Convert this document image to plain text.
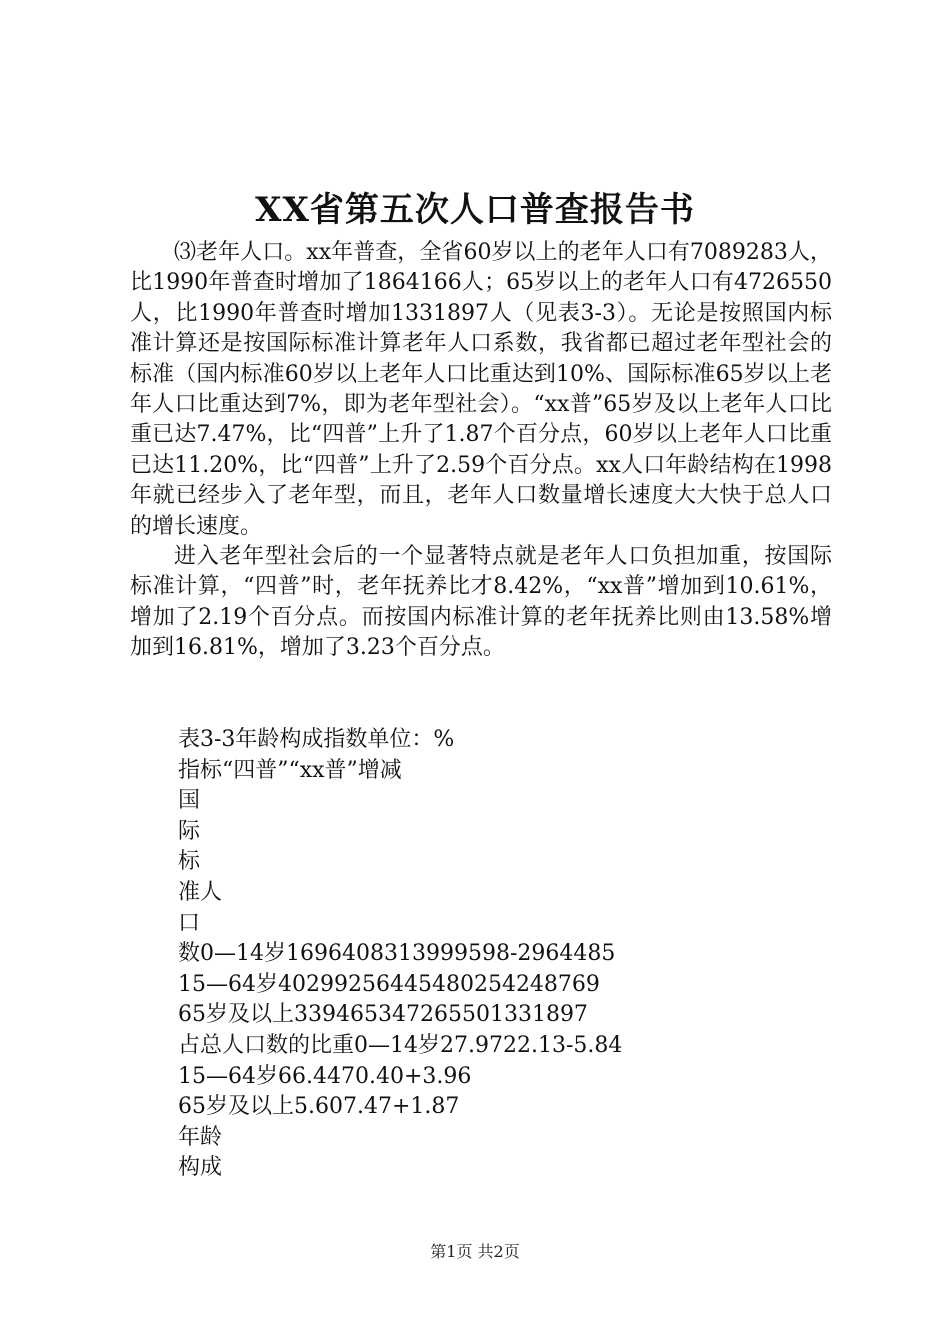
XX省第五次人口普查报告书

⑶老年人口。xx年普查，全省60岁以上的老年人口有7089283人，比1990年普查时增加了1864166人；65岁以上的老年人口有4726550人，比1990年普查时增加1331897人（见表3-3）。无论是按照国内标准计算还是按国际标准计算老年人口系数，我省都已超过老年型社会的标准（国内标准60岁以上老年人口比重达到10%、国际标准65岁以上老年人口比重达到7%，即为老年型社会）。“xx普”65岁及以上老年人口比重已达7.47%，比“四普”上升了1.87个百分点，60岁以上老年人口比重已达11.20%，比“四普”上升了2.59个百分点。xx人口年龄结构在1998年就已经步入了老年型，而且，老年人口数量增长速度大大快于总人口的增长速度。

进入老年型社会后的一个显著特点就是老年人口负担加重，按国际标准计算，“四普”时，老年抚养比才8.42%，“xx普”增加到10.61%，增加了2.19个百分点。而按国内标准计算的老年抚养比则由13.58%增加到16.81%，增加了3.23个百分点。

表3-3年龄构成指数单位：%
指标“四普”“xx普”增减
国
际
标
准人
口
数0—14岁1696408313999598-2964485
15—64岁4029925644548025424876​9
65岁及以上3394653472655013318​97
占总人口数的比重0—14岁27.9722.13-5.84
15—64岁66.4470.40+3.96
65岁及以上5.607.47+1.87
年龄
构成
第1页 共2页
